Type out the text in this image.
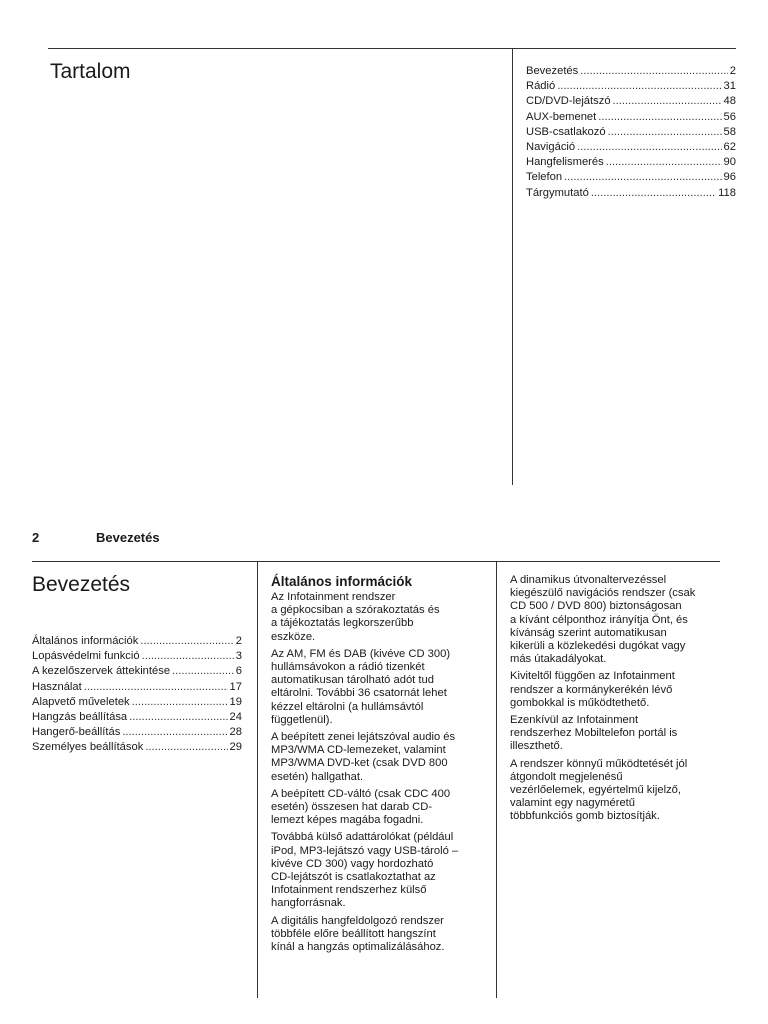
Tartalom	Bevezetés .....	2
Rádió .....	31
CD/DVD-lejátszó .....	48
AUX-bemenet .....	56
USB-csatlakozó .....	58
Navigáció .....	62
Hangfelismerés .....	90
Telefon .....	96
Tárgymutató .....	118
2	Bevezetés
Bevezetés
Általános információk .....	2
Lopásvédelmi funkció .....	3
A kezelőszervek áttekintése .....	6
Használat .....	17
Alapvető műveletek .....	19
Hangzás beállítása .....	24
Hangerő-beállítás .....	28
Személyes beállítások .....	29
Általános információk

Az Infotainment rendszer
a gépkocsiban a szórakoztatás és
a tájékoztatás legkorszerűbb
eszköze.

Az AM, FM és DAB (kivéve CD 300)
hullámsávokon a rádió tizenkét
automatikusan tárolható adót tud
eltárolni. További 36 csatornát lehet
kézzel eltárolni (a hullámsávtól
függetlenül).

A beépített zenei lejátszóval audio és
MP3/WMA CD-lemezeket, valamint
MP3/WMA DVD-ket (csak DVD 800
esetén) hallgathat.

A beépített CD-váltó (csak CDC 400
esetén) összesen hat darab CD-
lemezt képes magába fogadni.

Továbbá külső adattárolókat (például
iPod, MP3-lejátszó vagy USB-tároló –
kivéve CD 300) vagy hordozható
CD-lejátszót is csatlakoztathat az
Infotainment rendszerhez külső
hangforrásnak.

A digitális hangfeldolgozó rendszer
többféle előre beállított hangszínt
kínál a hangzás optimalizálásához.

A dinamikus útvonaltervezéssel
kiegészülő navigációs rendszer (csak
CD 500 / DVD 800) biztonságosan
a kívánt célponthoz irányítja Önt, és
kívánság szerint automatikusan
kikerüli a közlekedési dugókat vagy
más útakadályokat.

Kiviteltől függően az Infotainment
rendszer a kormánykerékén lévő
gombokkal is működtethető.

Ezenkívül az Infotainment
rendszerhez Mobiltelefon portál is
illeszthető.

A rendszer könnyű működtetését jól
átgondolt megjelenésű
vezérlőelemek, egyértelmű kijelző,
valamint egy nagyméretű
többfunkciós gomb biztosítják.
